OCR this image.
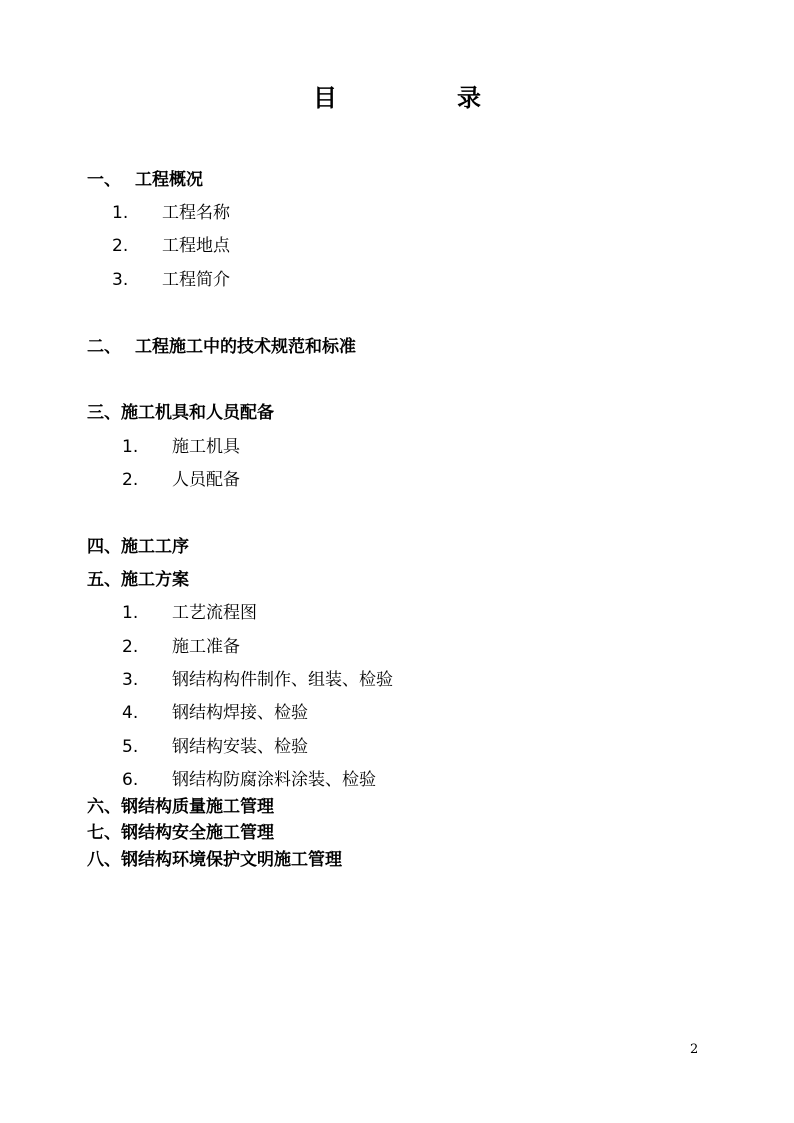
目　录
一、 工程概况
1. 工程名称
2. 工程地点
3. 工程简介
二、 工程施工中的技术规范和标准
三、施工机具和人员配备
1. 施工机具
2. 人员配备
四、施工工序
五、施工方案
1. 工艺流程图
2. 施工准备
3. 钢结构构件制作、组装、检验
4. 钢结构焊接、检验
5. 钢结构安装、检验
6. 钢结构防腐涂料涂装、检验
六、钢结构质量施工管理
七、钢结构安全施工管理
八、钢结构环境保护文明施工管理
2
